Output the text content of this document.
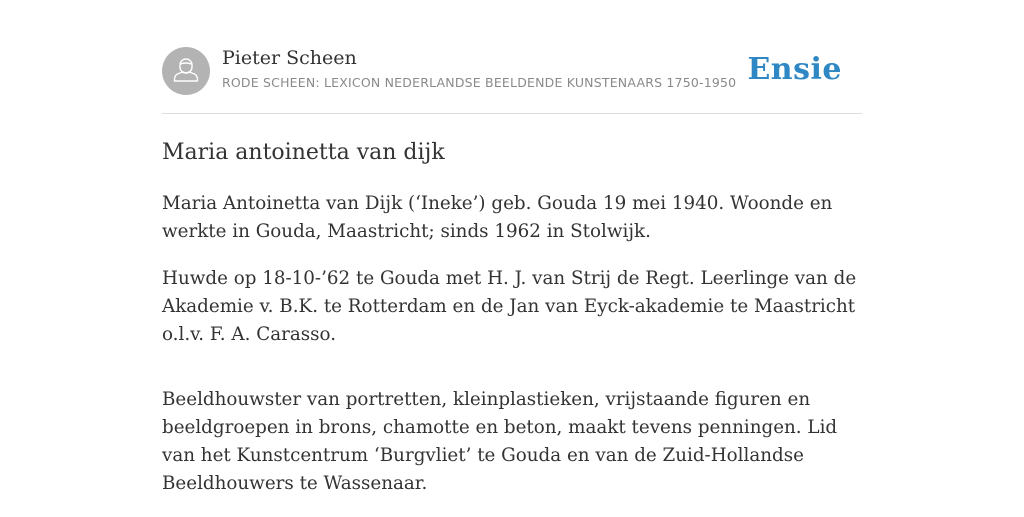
Pieter Scheen
RODE SCHEEN: LEXICON NEDERLANDSE BEELDENDE KUNSTENAARS 1750-1950 Ensie
Maria antoinetta van dijk

Maria Antoinetta van Dijk (‘Ineke’) geb. Gouda 19 mei 1940. Woonde en werkte in Gouda, Maastricht; sinds 1962 in Stolwijk.

Huwde op 18-10-’62 te Gouda met H. J. van Strij de Regt. Leerlinge van de Akademie v. B.K. te Rotterdam en de Jan van Eyck-akademie te Maastricht o.l.v. F. A. Carasso.

Beeldhouwster van portretten, kleinplastieken, vrijstaande figuren en beeldgroepen in brons, chamotte en beton, maakt tevens penningen. Lid van het Kunstcentrum ‘Burgvliet’ te Gouda en van de Zuid-Hollandse Beeldhouwers te Wassenaar.
